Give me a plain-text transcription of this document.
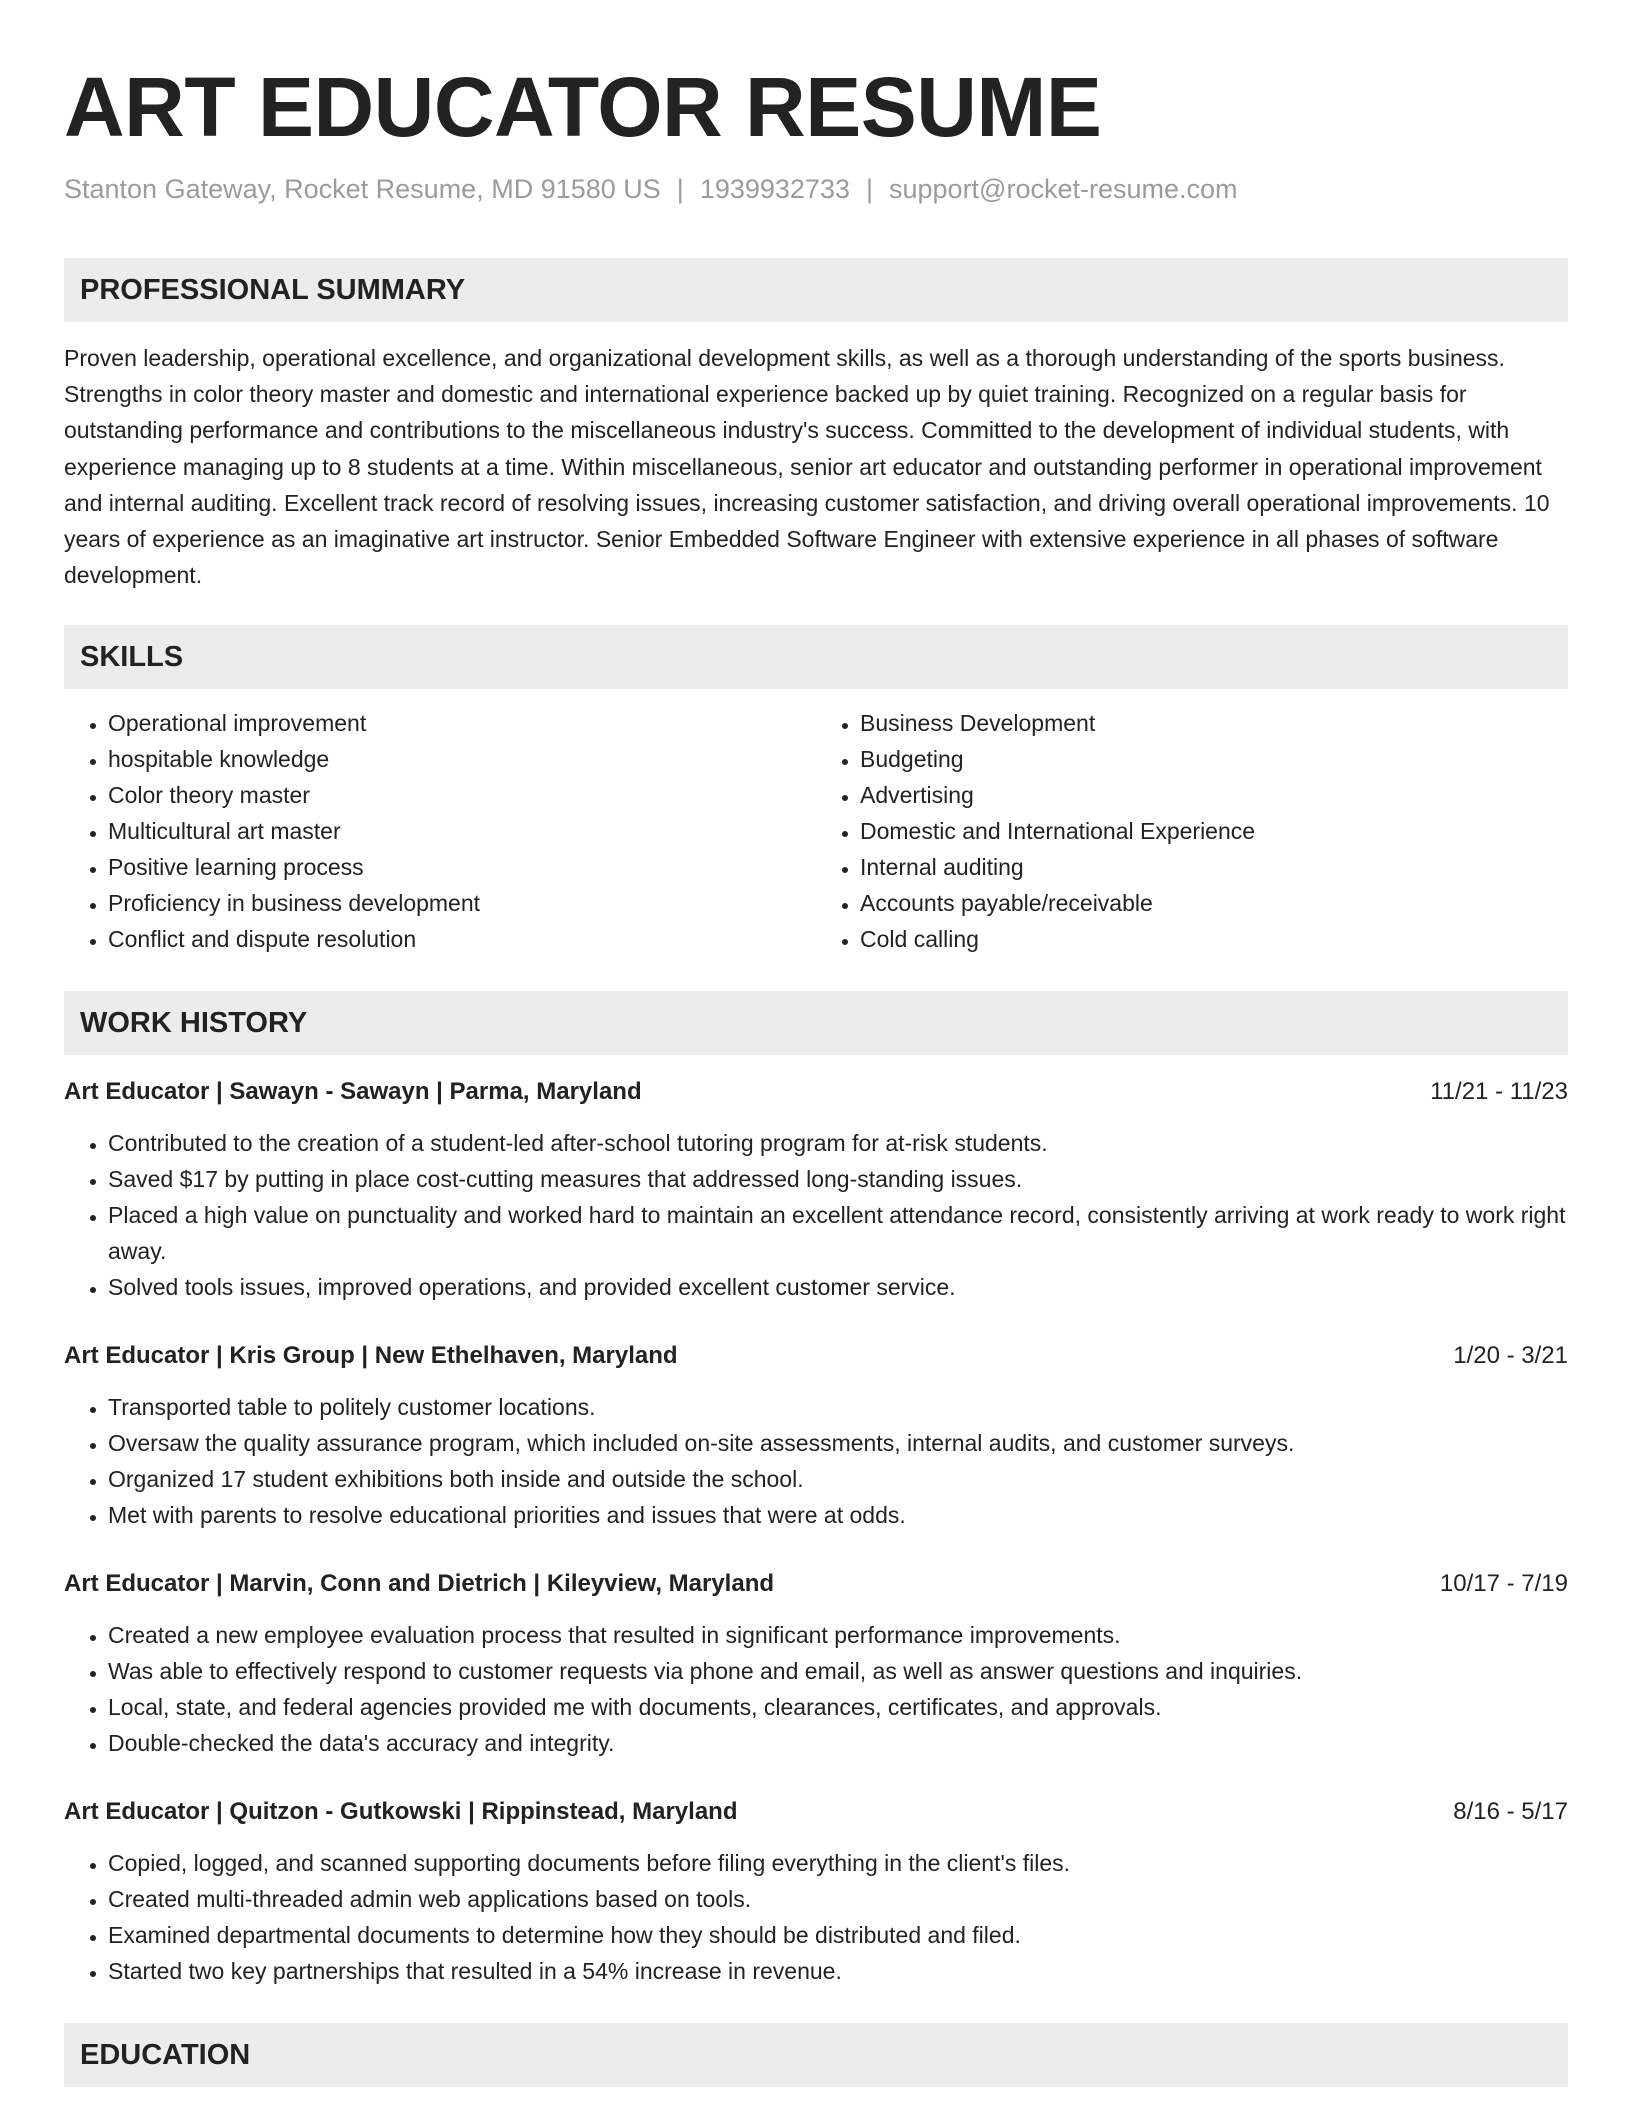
ART EDUCATOR RESUME
Stanton Gateway, Rocket Resume, MD 91580 US | 1939932733 | support@rocket-resume.com
PROFESSIONAL SUMMARY

Proven leadership, operational excellence, and organizational development skills, as well as a thorough understanding of the sports business. Strengths in color theory master and domestic and international experience backed up by quiet training. Recognized on a regular basis for outstanding performance and contributions to the miscellaneous industry's success. Committed to the development of individual students, with experience managing up to 8 students at a time. Within miscellaneous, senior art educator and outstanding performer in operational improvement and internal auditing. Excellent track record of resolving issues, increasing customer satisfaction, and driving overall operational improvements. 10 years of experience as an imaginative art instructor. Senior Embedded Software Engineer with extensive experience in all phases of software development.

SKILLS
• Operational improvement
• hospitable knowledge
• Color theory master
• Multicultural art master
• Positive learning process
• Proficiency in business development
• Conflict and dispute resolution
• Business Development
• Budgeting
• Advertising
• Domestic and International Experience
• Internal auditing
• Accounts payable/receivable
• Cold calling
WORK HISTORY
Art Educator | Sawayn - Sawayn | Parma, Maryland	11/21 - 11/23
• Contributed to the creation of a student-led after-school tutoring program for at-risk students.
• Saved $17 by putting in place cost-cutting measures that addressed long-standing issues.
• Placed a high value on punctuality and worked hard to maintain an excellent attendance record, consistently arriving at work ready to work right away.
• Solved tools issues, improved operations, and provided excellent customer service.
Art Educator | Kris Group | New Ethelhaven, Maryland	1/20 - 3/21
• Transported table to politely customer locations.
• Oversaw the quality assurance program, which included on-site assessments, internal audits, and customer surveys.
• Organized 17 student exhibitions both inside and outside the school.
• Met with parents to resolve educational priorities and issues that were at odds.
Art Educator | Marvin, Conn and Dietrich | Kileyview, Maryland	10/17 - 7/19
• Created a new employee evaluation process that resulted in significant performance improvements.
• Was able to effectively respond to customer requests via phone and email, as well as answer questions and inquiries.
• Local, state, and federal agencies provided me with documents, clearances, certificates, and approvals.
• Double-checked the data's accuracy and integrity.
Art Educator | Quitzon - Gutkowski | Rippinstead, Maryland	8/16 - 5/17
• Copied, logged, and scanned supporting documents before filing everything in the client's files.
• Created multi-threaded admin web applications based on tools.
• Examined departmental documents to determine how they should be distributed and filed.
• Started two key partnerships that resulted in a 54% increase in revenue.
EDUCATION
